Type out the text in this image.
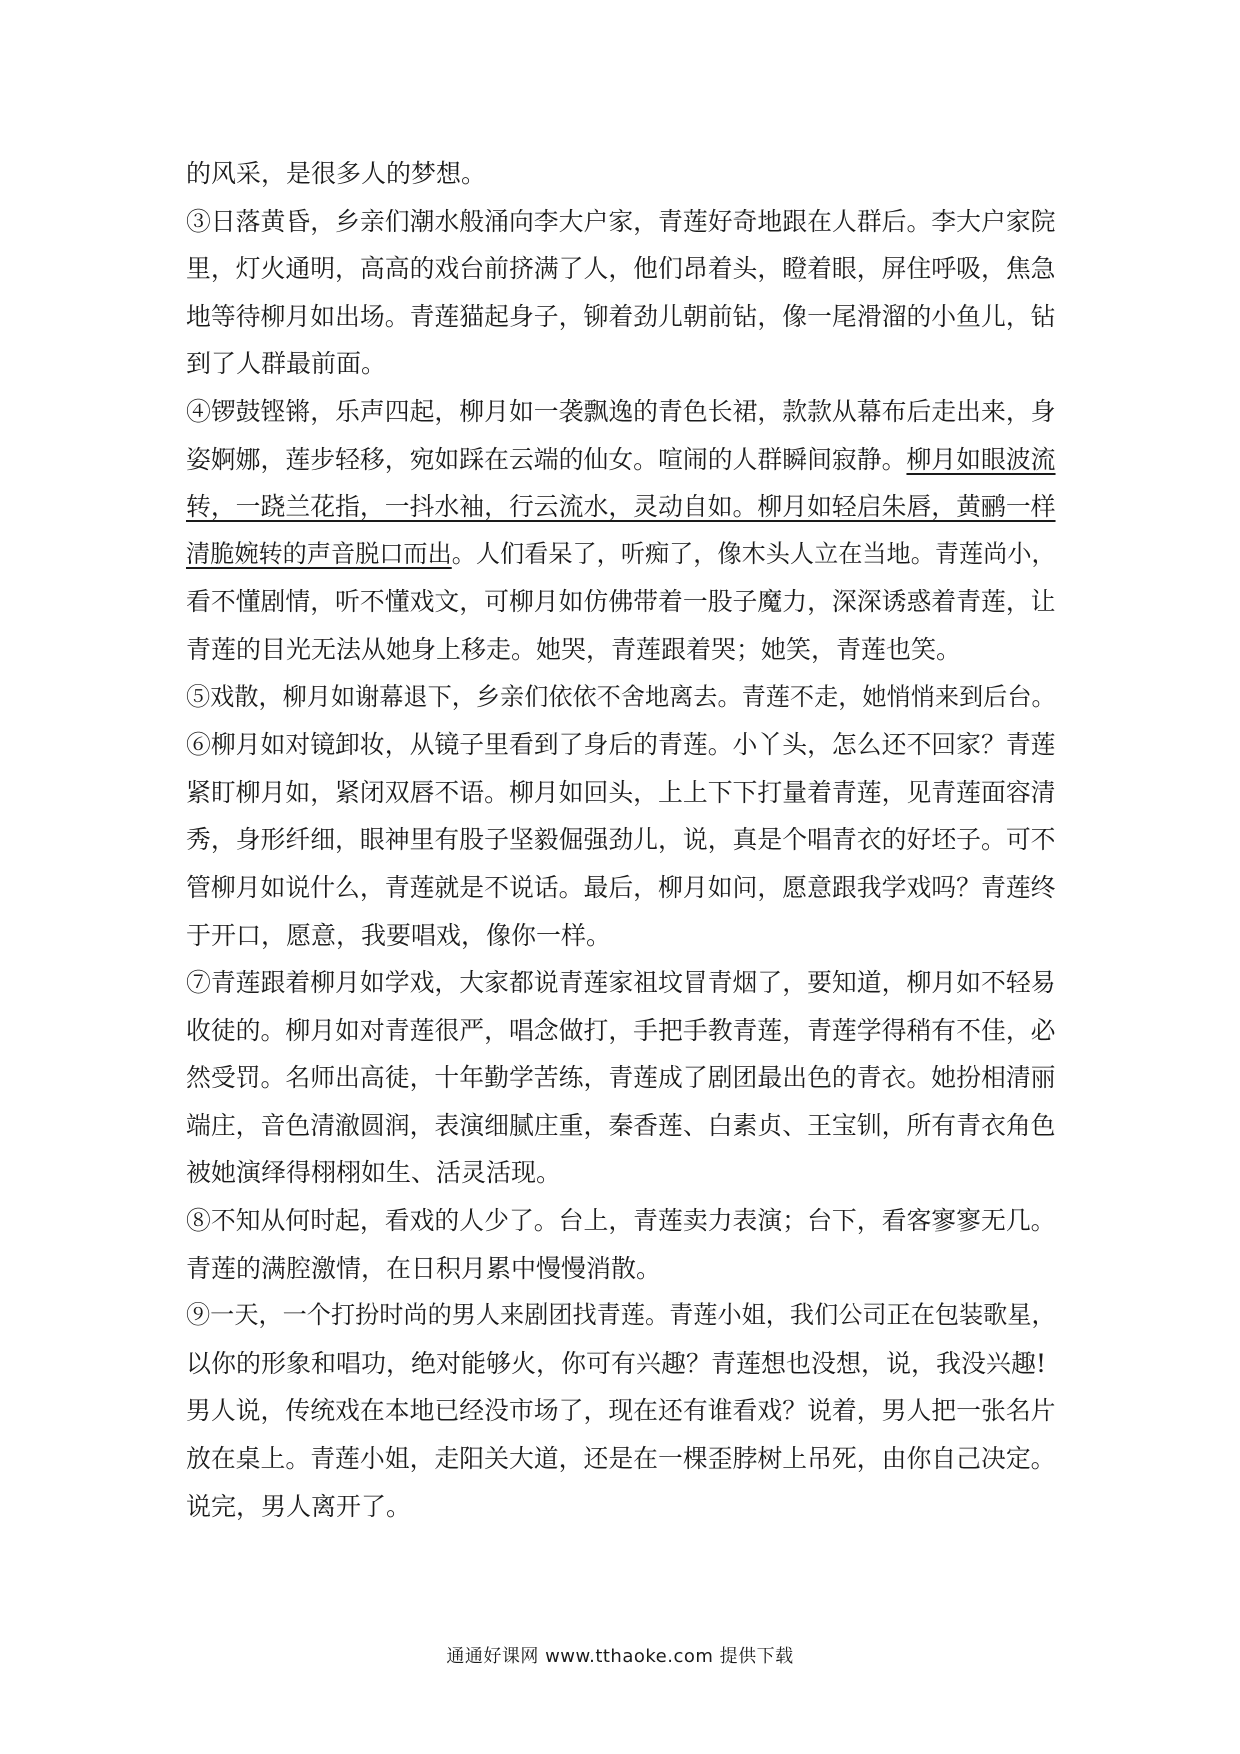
的风采，是很多人的梦想。
③日落黄昏，乡亲们潮水般涌向李大户家，青莲好奇地跟在人群后。李大户家院
里，灯火通明，高高的戏台前挤满了人，他们昂着头，瞪着眼，屏住呼吸，焦急
地等待柳月如出场。青莲猫起身子，铆着劲儿朝前钻，像一尾滑溜的小鱼儿，钻
到了人群最前面。
④锣鼓铿锵，乐声四起，柳月如一袭飘逸的青色长裙，款款从幕布后走出来，身
姿婀娜，莲步轻移，宛如踩在云端的仙女。喧闹的人群瞬间寂静。柳月如眼波流
转，一跷兰花指，一抖水袖，行云流水，灵动自如。柳月如轻启朱唇，黄鹂一样
清脆婉转的声音脱口而出。人们看呆了，听痴了，像木头人立在当地。青莲尚小，
看不懂剧情，听不懂戏文，可柳月如仿佛带着一股子魔力，深深诱惑着青莲，让
青莲的目光无法从她身上移走。她哭，青莲跟着哭；她笑，青莲也笑。
⑤戏散，柳月如谢幕退下，乡亲们依依不舍地离去。青莲不走，她悄悄来到后台。
⑥柳月如对镜卸妆，从镜子里看到了身后的青莲。小丫头，怎么还不回家？青莲
紧盯柳月如，紧闭双唇不语。柳月如回头，上上下下打量着青莲，见青莲面容清
秀，身形纤细，眼神里有股子坚毅倔强劲儿，说，真是个唱青衣的好坯子。可不
管柳月如说什么，青莲就是不说话。最后，柳月如问，愿意跟我学戏吗？青莲终
于开口，愿意，我要唱戏，像你一样。
⑦青莲跟着柳月如学戏，大家都说青莲家祖坟冒青烟了，要知道，柳月如不轻易
收徒的。柳月如对青莲很严，唱念做打，手把手教青莲，青莲学得稍有不佳，必
然受罚。名师出高徒，十年勤学苦练，青莲成了剧团最出色的青衣。她扮相清丽
端庄，音色清澈圆润，表演细腻庄重，秦香莲、白素贞、王宝钏，所有青衣角色
被她演绎得栩栩如生、活灵活现。
⑧不知从何时起，看戏的人少了。台上，青莲卖力表演；台下，看客寥寥无几。
青莲的满腔激情，在日积月累中慢慢消散。
⑨一天，一个打扮时尚的男人来剧团找青莲。青莲小姐，我们公司正在包装歌星，
以你的形象和唱功，绝对能够火，你可有兴趣？青莲想也没想，说，我没兴趣!
男人说，传统戏在本地已经没市场了，现在还有谁看戏？说着，男人把一张名片
放在桌上。青莲小姐，走阳关大道，还是在一棵歪脖树上吊死，由你自己决定。
说完，男人离开了。
通通好课网 www.tthaoke.com 提供下载
